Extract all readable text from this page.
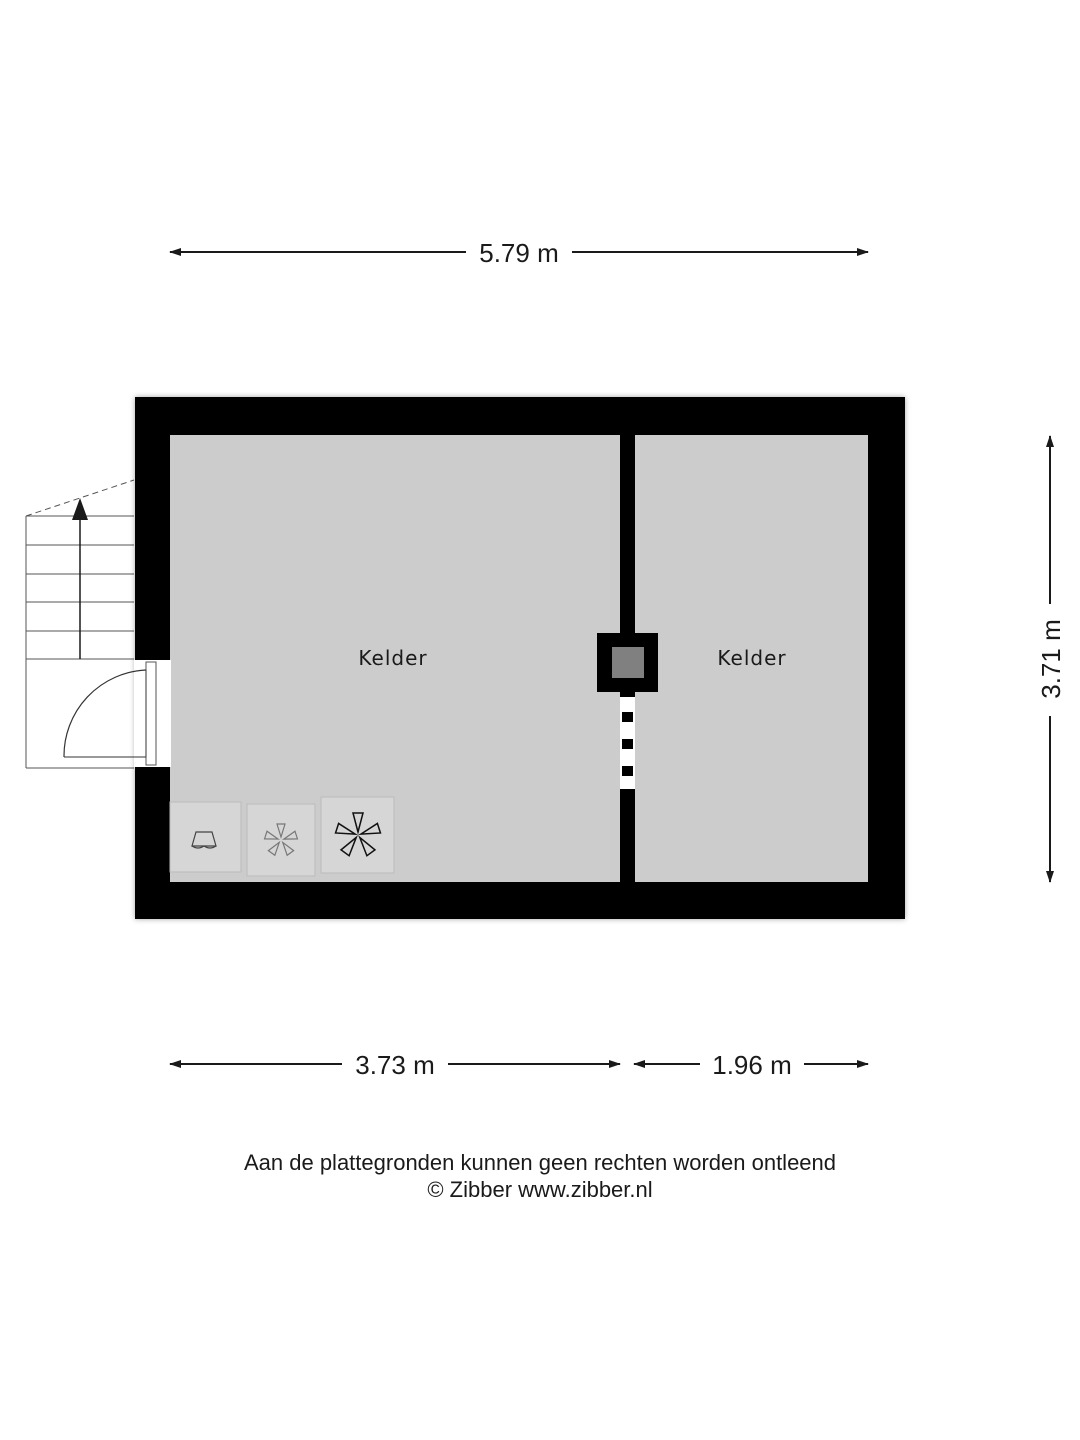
5.79 m
3.71 m
Kelder	Kelder
3.73 m	1.96 m
Aan de plattegronden kunnen geen rechten worden ontleend
© Zibber www.zibber.nl
